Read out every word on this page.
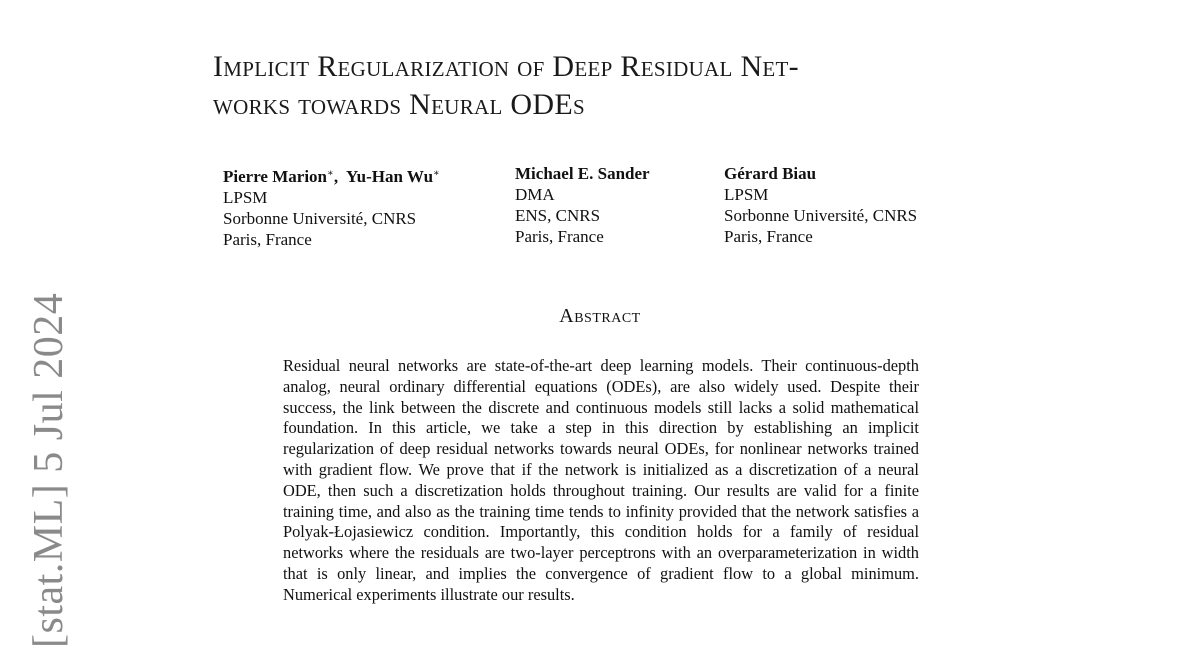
[stat.ML] 5 Jul 2024
Implicit Regularization of Deep Residual Net-
works towards Neural ODEs
Pierre Marion∗,  Yu-Han Wu∗
LPSM
Sorbonne Université, CNRS
Paris, France
Michael E. Sander
DMA
ENS, CNRS
Paris, France
Gérard Biau
LPSM
Sorbonne Université, CNRS
Paris, France
Abstract
Residual neural networks are state-of-the-art deep learning models. Their continuous-depth analog, neural ordinary differential equations (ODEs), are also widely used. Despite their success, the link between the discrete and continuous models still lacks a solid mathematical foundation. In this article, we take a step in this direction by establishing an implicit regularization of deep residual networks towards neural ODEs, for nonlinear networks trained with gradient flow. We prove that if the network is initialized as a discretization of a neural ODE, then such a discretization holds throughout training. Our results are valid for a finite training time, and also as the training time tends to infinity provided that the network satisfies a Polyak-Łojasiewicz condition. Importantly, this condition holds for a family of residual networks where the residuals are two-layer perceptrons with an overparameterization in width that is only linear, and implies the convergence of gradient flow to a global minimum. Numerical experiments illustrate our results.
